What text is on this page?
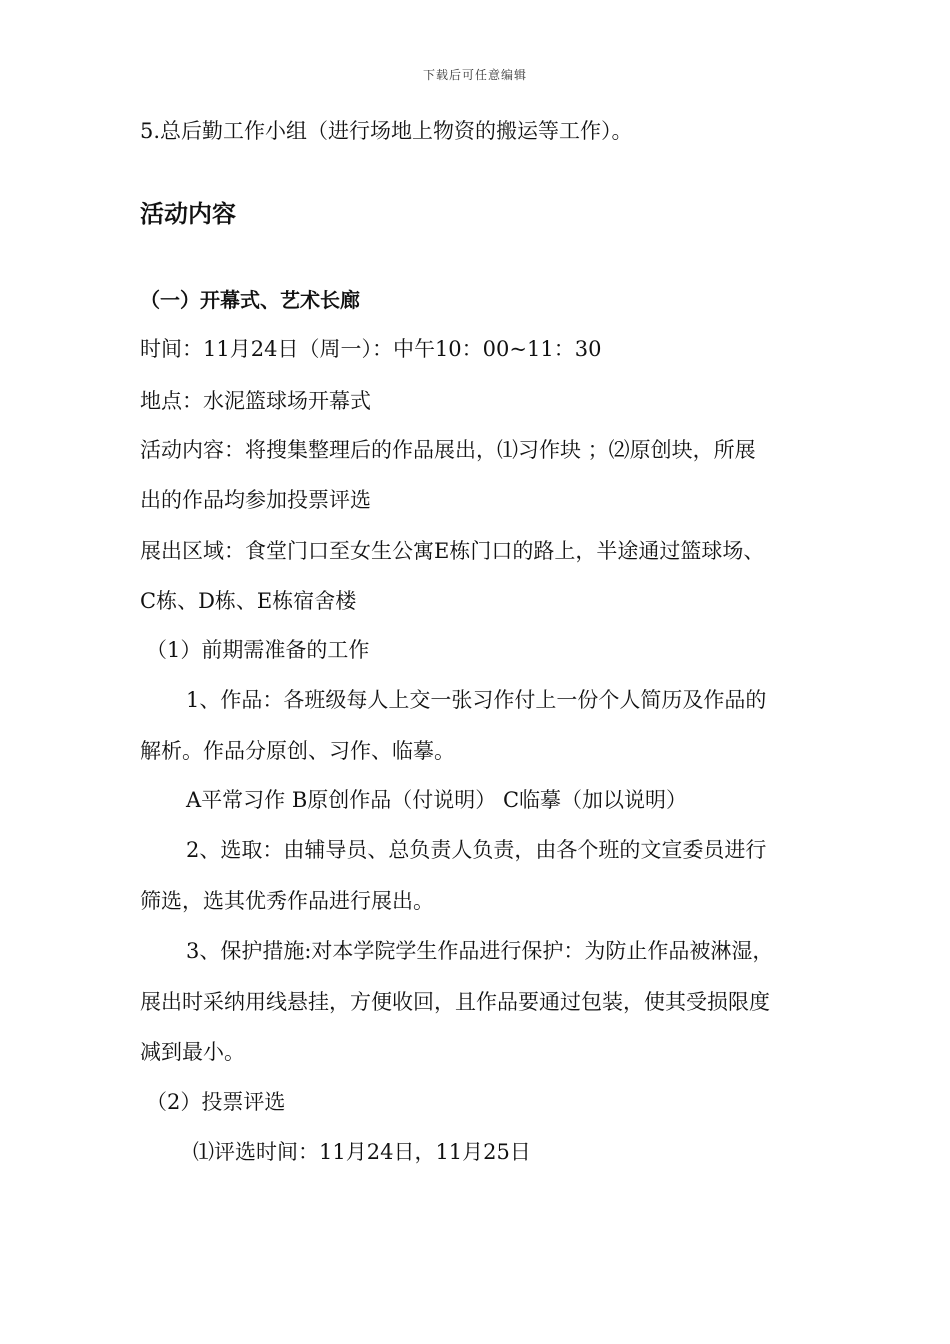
下载后可任意编辑
5.总后勤工作小组（进行场地上物资的搬运等工作）。
活动内容
（一）开幕式、艺术长廊
时间：11月24日（周一）：中午10：00~11：30
地点：水泥篮球场开幕式
活动内容：将搜集整理后的作品展出，⑴习作块 ；⑵原创块，所展
出的作品均参加投票评选
展出区域：食堂门口至女生公寓E栋门口的路上，半途通过篮球场、
C栋、D栋、E栋宿舍楼
（1）前期需准备的工作
1、作品：各班级每人上交一张习作付上一份个人简历及作品的
解析。作品分原创、习作、临摹。
A平常习作 B原创作品（付说明） C临摹（加以说明）
2、选取：由辅导员、总负责人负责，由各个班的文宣委员进行
筛选，选其优秀作品进行展出。
3、保护措施:对本学院学生作品进行保护：为防止作品被淋湿，
展出时采纳用线悬挂，方便收回，且作品要通过包装，使其受损限度
减到最小。
（2）投票评选
⑴评选时间：11月24日，11月25日
